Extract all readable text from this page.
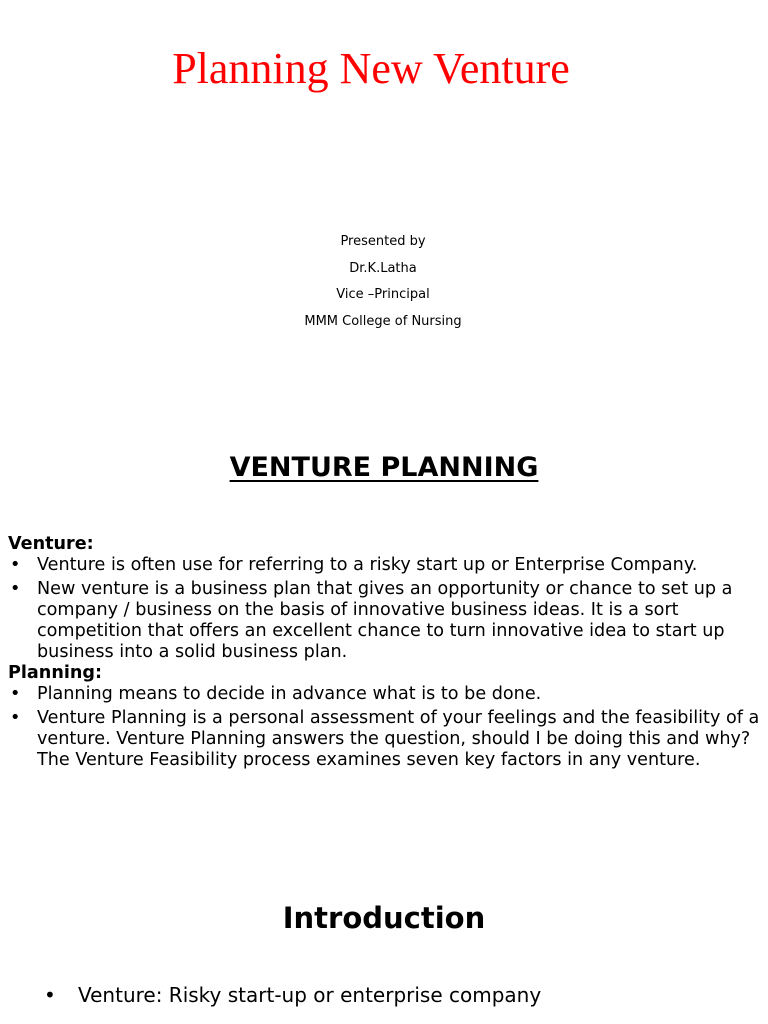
Planning New Venture
Presented by
Dr.K.Latha
Vice –Principal
MMM College of Nursing
VENTURE PLANNING
Venture:
• Venture is often use for referring to a risky start up or Enterprise Company.
• New venture is a business plan that gives an opportunity or chance to set up a company / business on the basis of innovative business ideas. It is a sort competition that offers an excellent chance to turn innovative idea to start up business into a solid business plan.
Planning:
• Planning means to decide in advance what is to be done.
• Venture Planning is a personal assessment of your feelings and the feasibility of a venture. Venture Planning answers the question, should I be doing this and why? The Venture Feasibility process examines seven key factors in any venture.
Introduction
• Venture: Risky start-up or enterprise company
